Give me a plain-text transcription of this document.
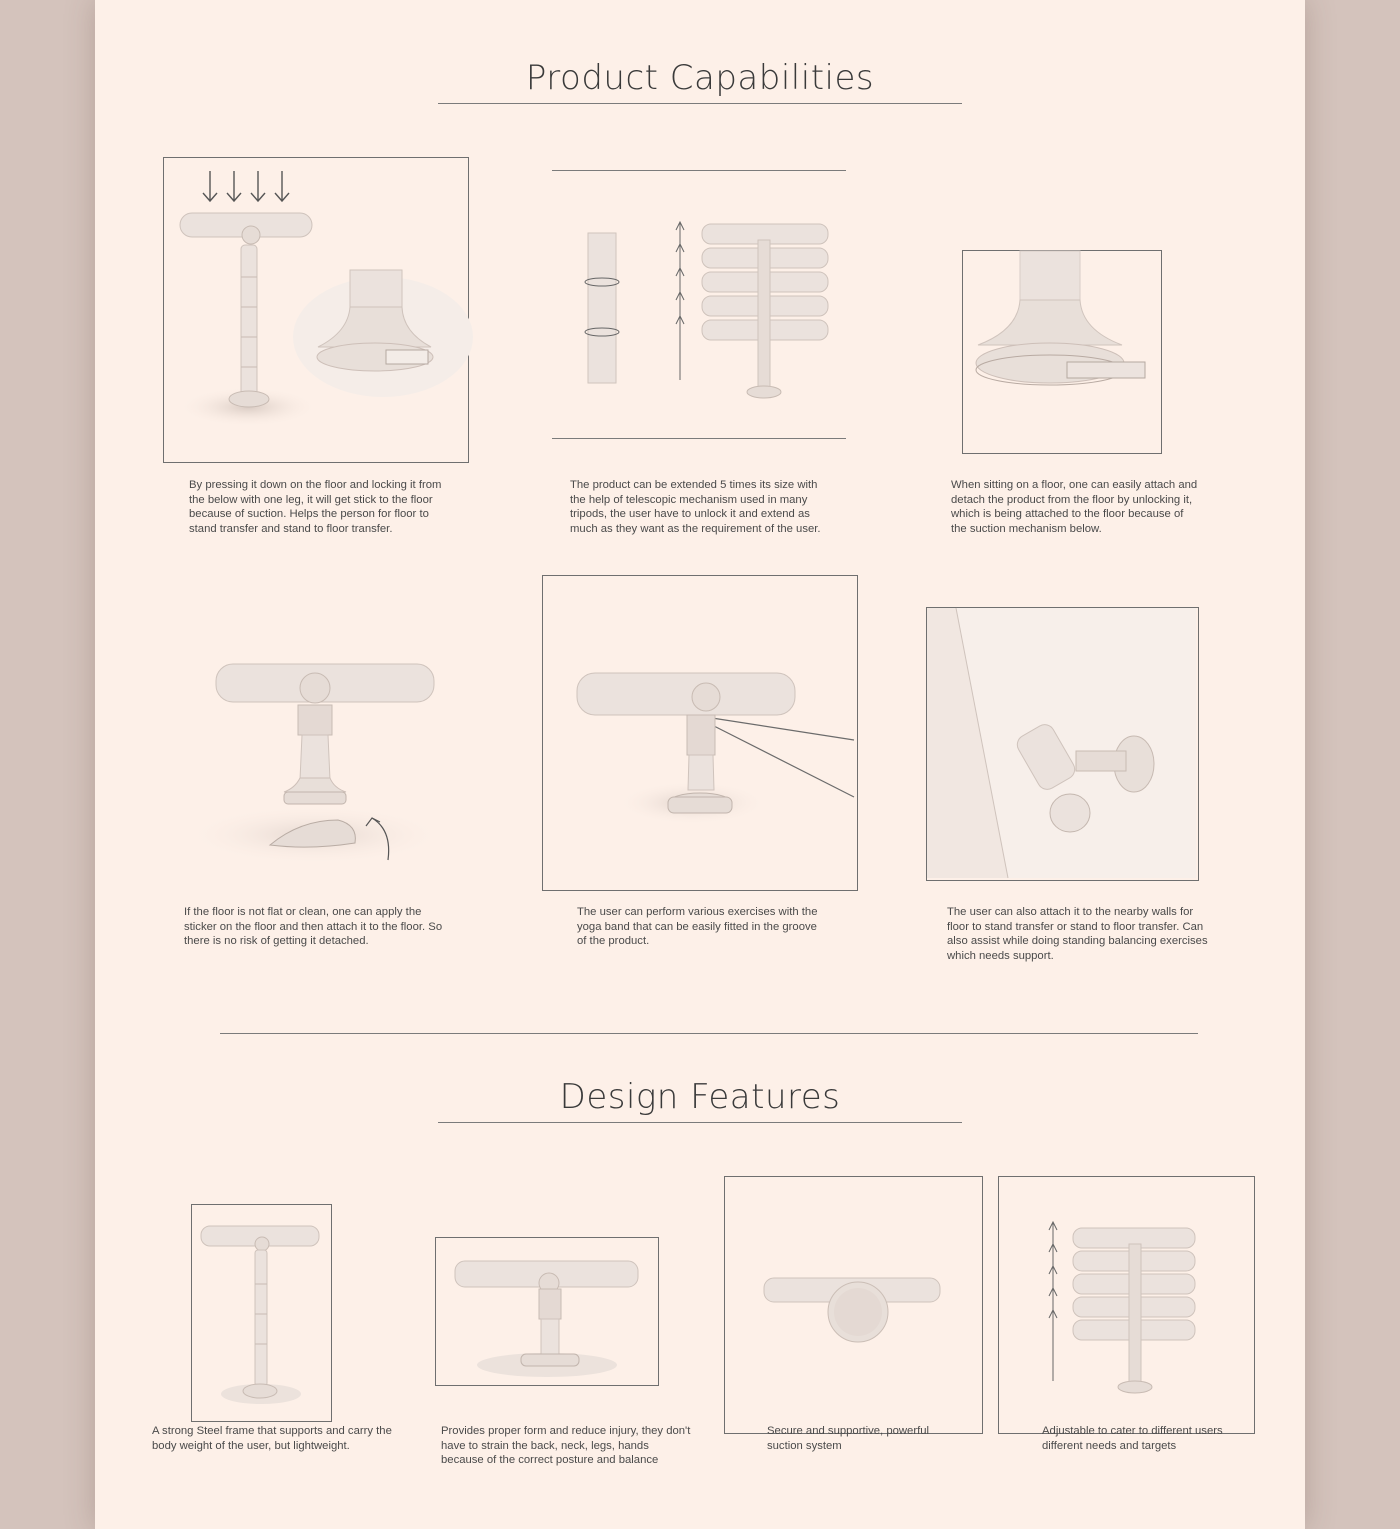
Product Capabilities
By pressing it down on the floor and locking it from the below with one leg, it will get stick to the floor because of suction. Helps the person for floor to stand transfer and stand to floor transfer.
The product can be extended 5 times its size with the help of telescopic mechanism used in many tripods, the user have to unlock it and extend as much as they want as the requirement of the user.
When sitting on a floor, one can easily attach and detach the product from the floor by unlocking it, which is being attached to the floor because of the suction mechanism below.
If the floor is not flat or clean, one can apply the sticker on the floor and then attach it to the floor. So there is no risk of getting it detached.
The user can perform various exercises with the yoga band that can be easily fitted in the groove of the product.
The user can also attach it to the nearby walls for floor to stand transfer or stand to floor transfer. Can also assist while doing standing balancing exercises which needs support.
Design Features
A strong Steel frame that supports and carry the body weight of the user, but lightweight.
Provides proper form and reduce injury, they don't have to strain the back, neck, legs, hands because of the correct posture and balance
Secure and supportive, powerful suction system
Adjustable to cater to different users different needs and targets
